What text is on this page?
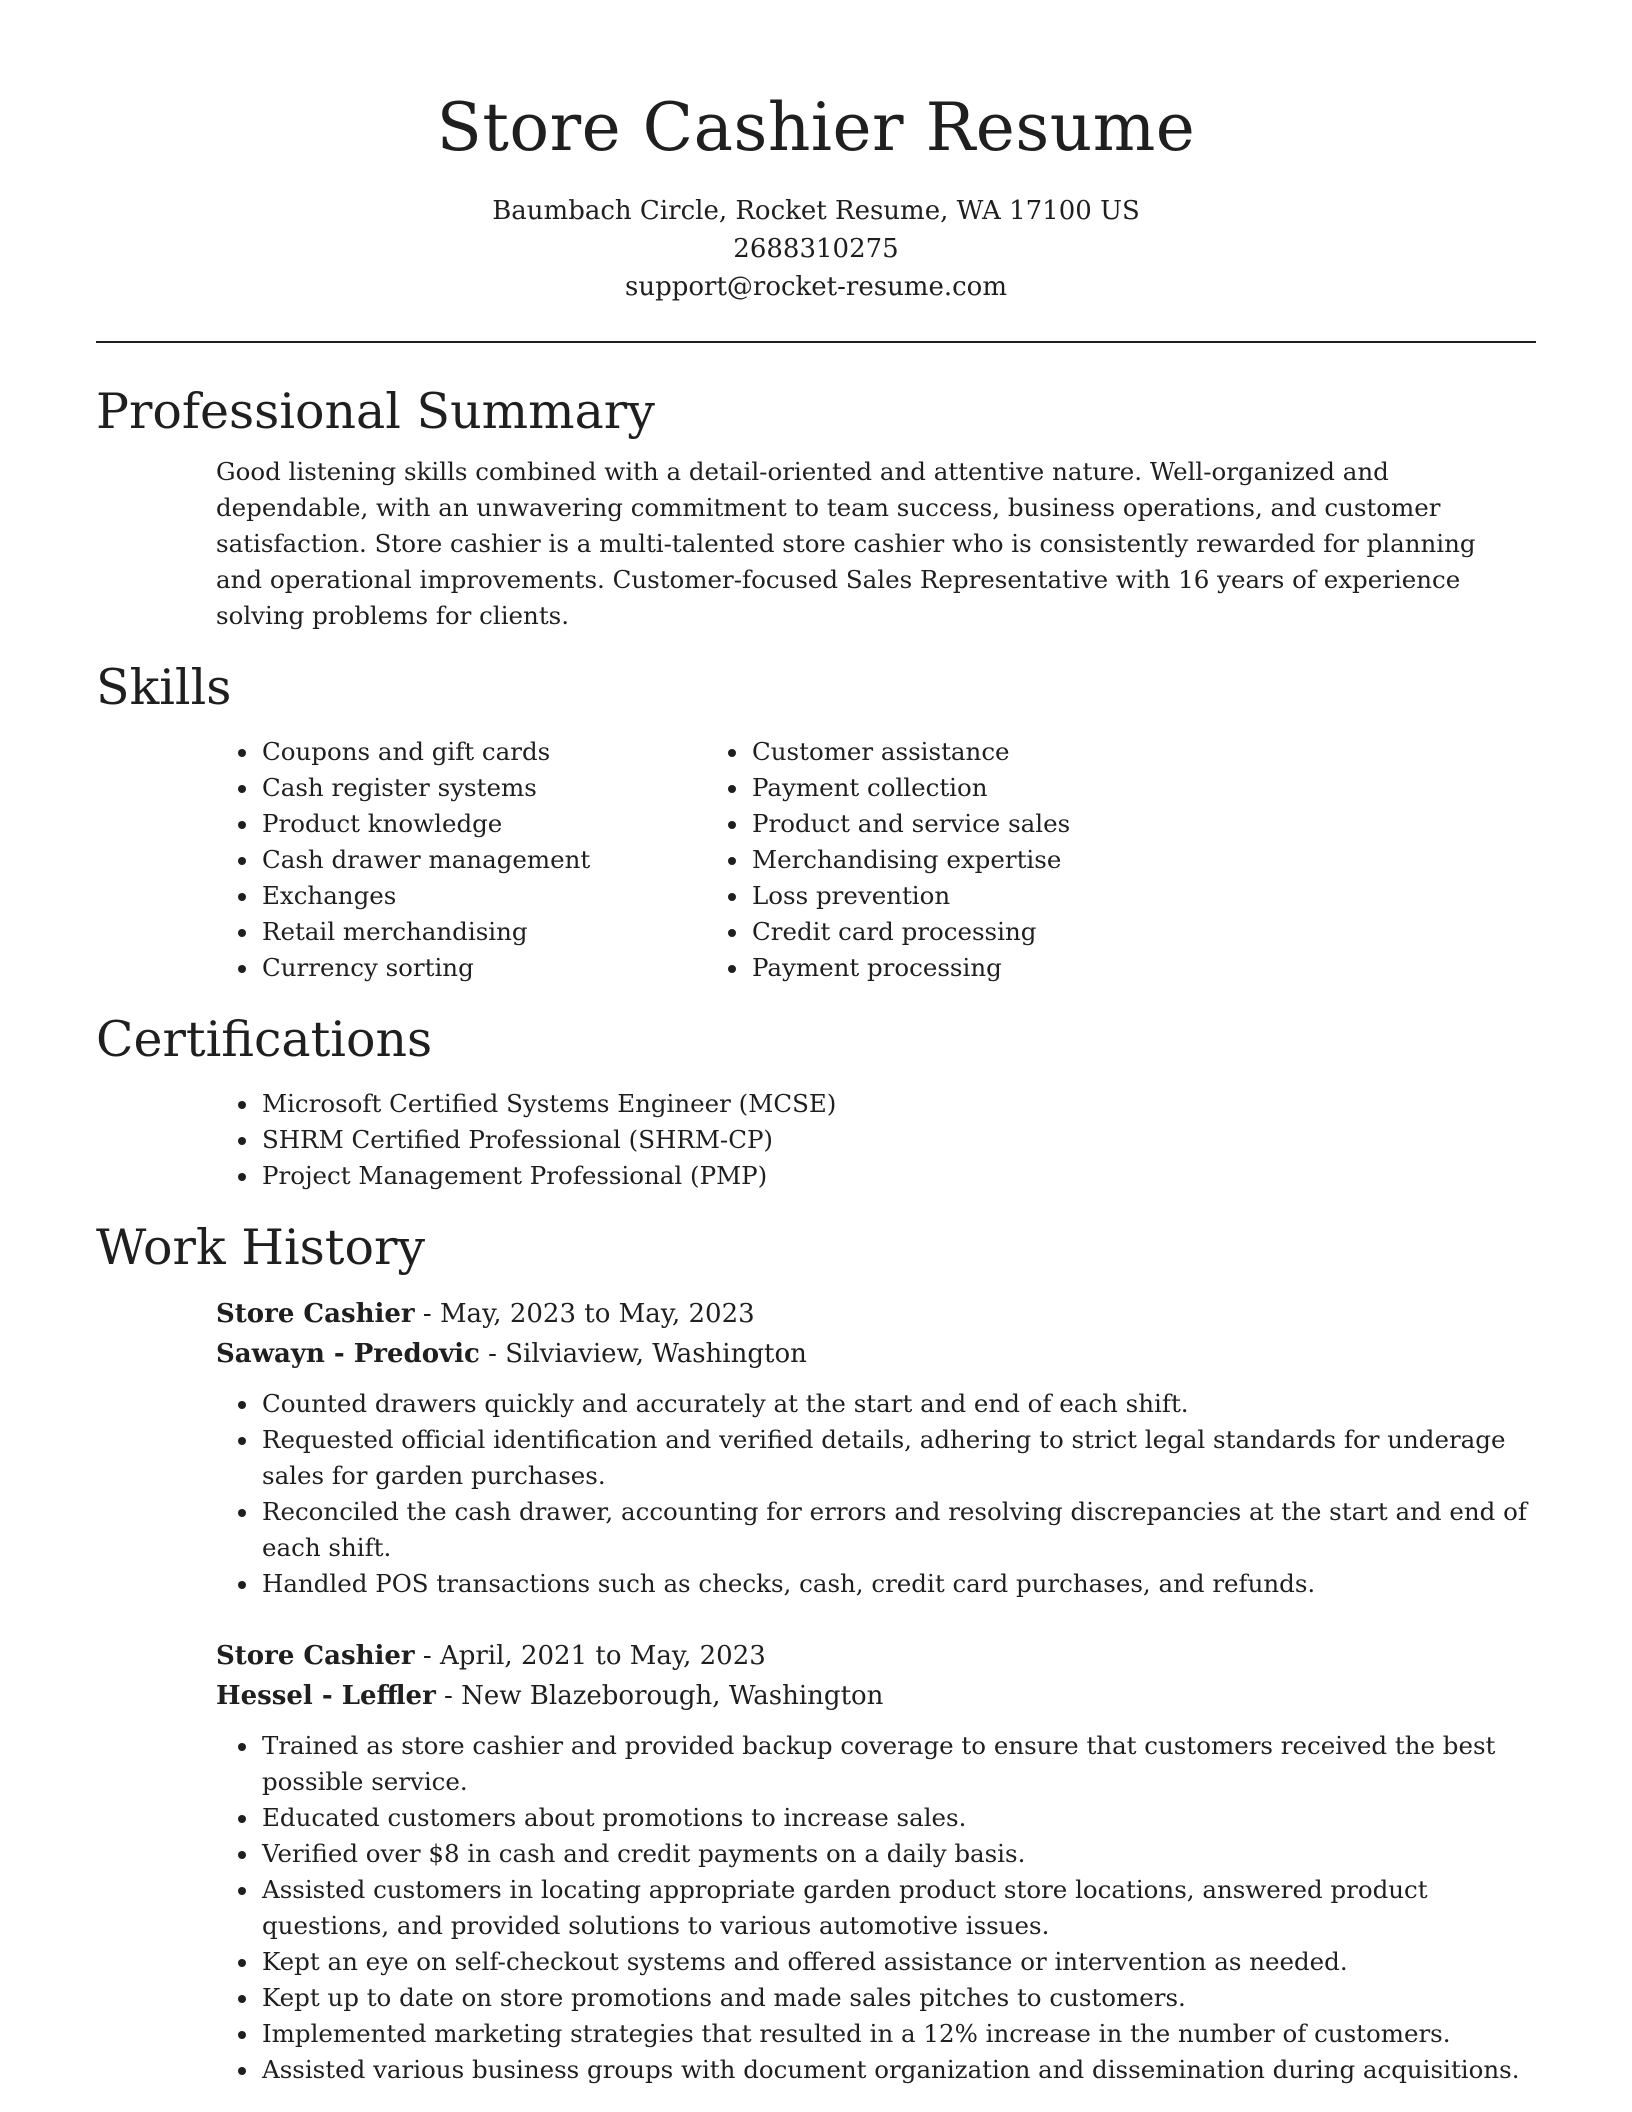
Store Cashier Resume
Baumbach Circle, Rocket Resume, WA 17100 US
2688310275
support@rocket-resume.com
Professional Summary

Good listening skills combined with a detail-oriented and attentive nature. Well-organized and dependable, with an unwavering commitment to team success, business operations, and customer satisfaction. Store cashier is a multi-talented store cashier who is consistently rewarded for planning and operational improvements. Customer-focused Sales Representative with 16 years of experience solving problems for clients.

Skills
• Coupons and gift cards
• Cash register systems
• Product knowledge
• Cash drawer management
• Exchanges
• Retail merchandising
• Currency sorting
• Customer assistance
• Payment collection
• Product and service sales
• Merchandising expertise
• Loss prevention
• Credit card processing
• Payment processing
Certifications
• Microsoft Certified Systems Engineer (MCSE)
• SHRM Certified Professional (SHRM-CP)
• Project Management Professional (PMP)
Work History
Store Cashier - May, 2023 to May, 2023
Sawayn - Predovic - Silviaview, Washington
• Counted drawers quickly and accurately at the start and end of each shift.
• Requested official identification and verified details, adhering to strict legal standards for underage sales for garden purchases.
• Reconciled the cash drawer, accounting for errors and resolving discrepancies at the start and end of each shift.
• Handled POS transactions such as checks, cash, credit card purchases, and refunds.
Store Cashier - April, 2021 to May, 2023
Hessel - Leffler - New Blazeborough, Washington
• Trained as store cashier and provided backup coverage to ensure that customers received the best possible service.
• Educated customers about promotions to increase sales.
• Verified over $8 in cash and credit payments on a daily basis.
• Assisted customers in locating appropriate garden product store locations, answered product questions, and provided solutions to various automotive issues.
• Kept an eye on self-checkout systems and offered assistance or intervention as needed.
• Kept up to date on store promotions and made sales pitches to customers.
• Implemented marketing strategies that resulted in a 12% increase in the number of customers.
• Assisted various business groups with document organization and dissemination during acquisitions.
